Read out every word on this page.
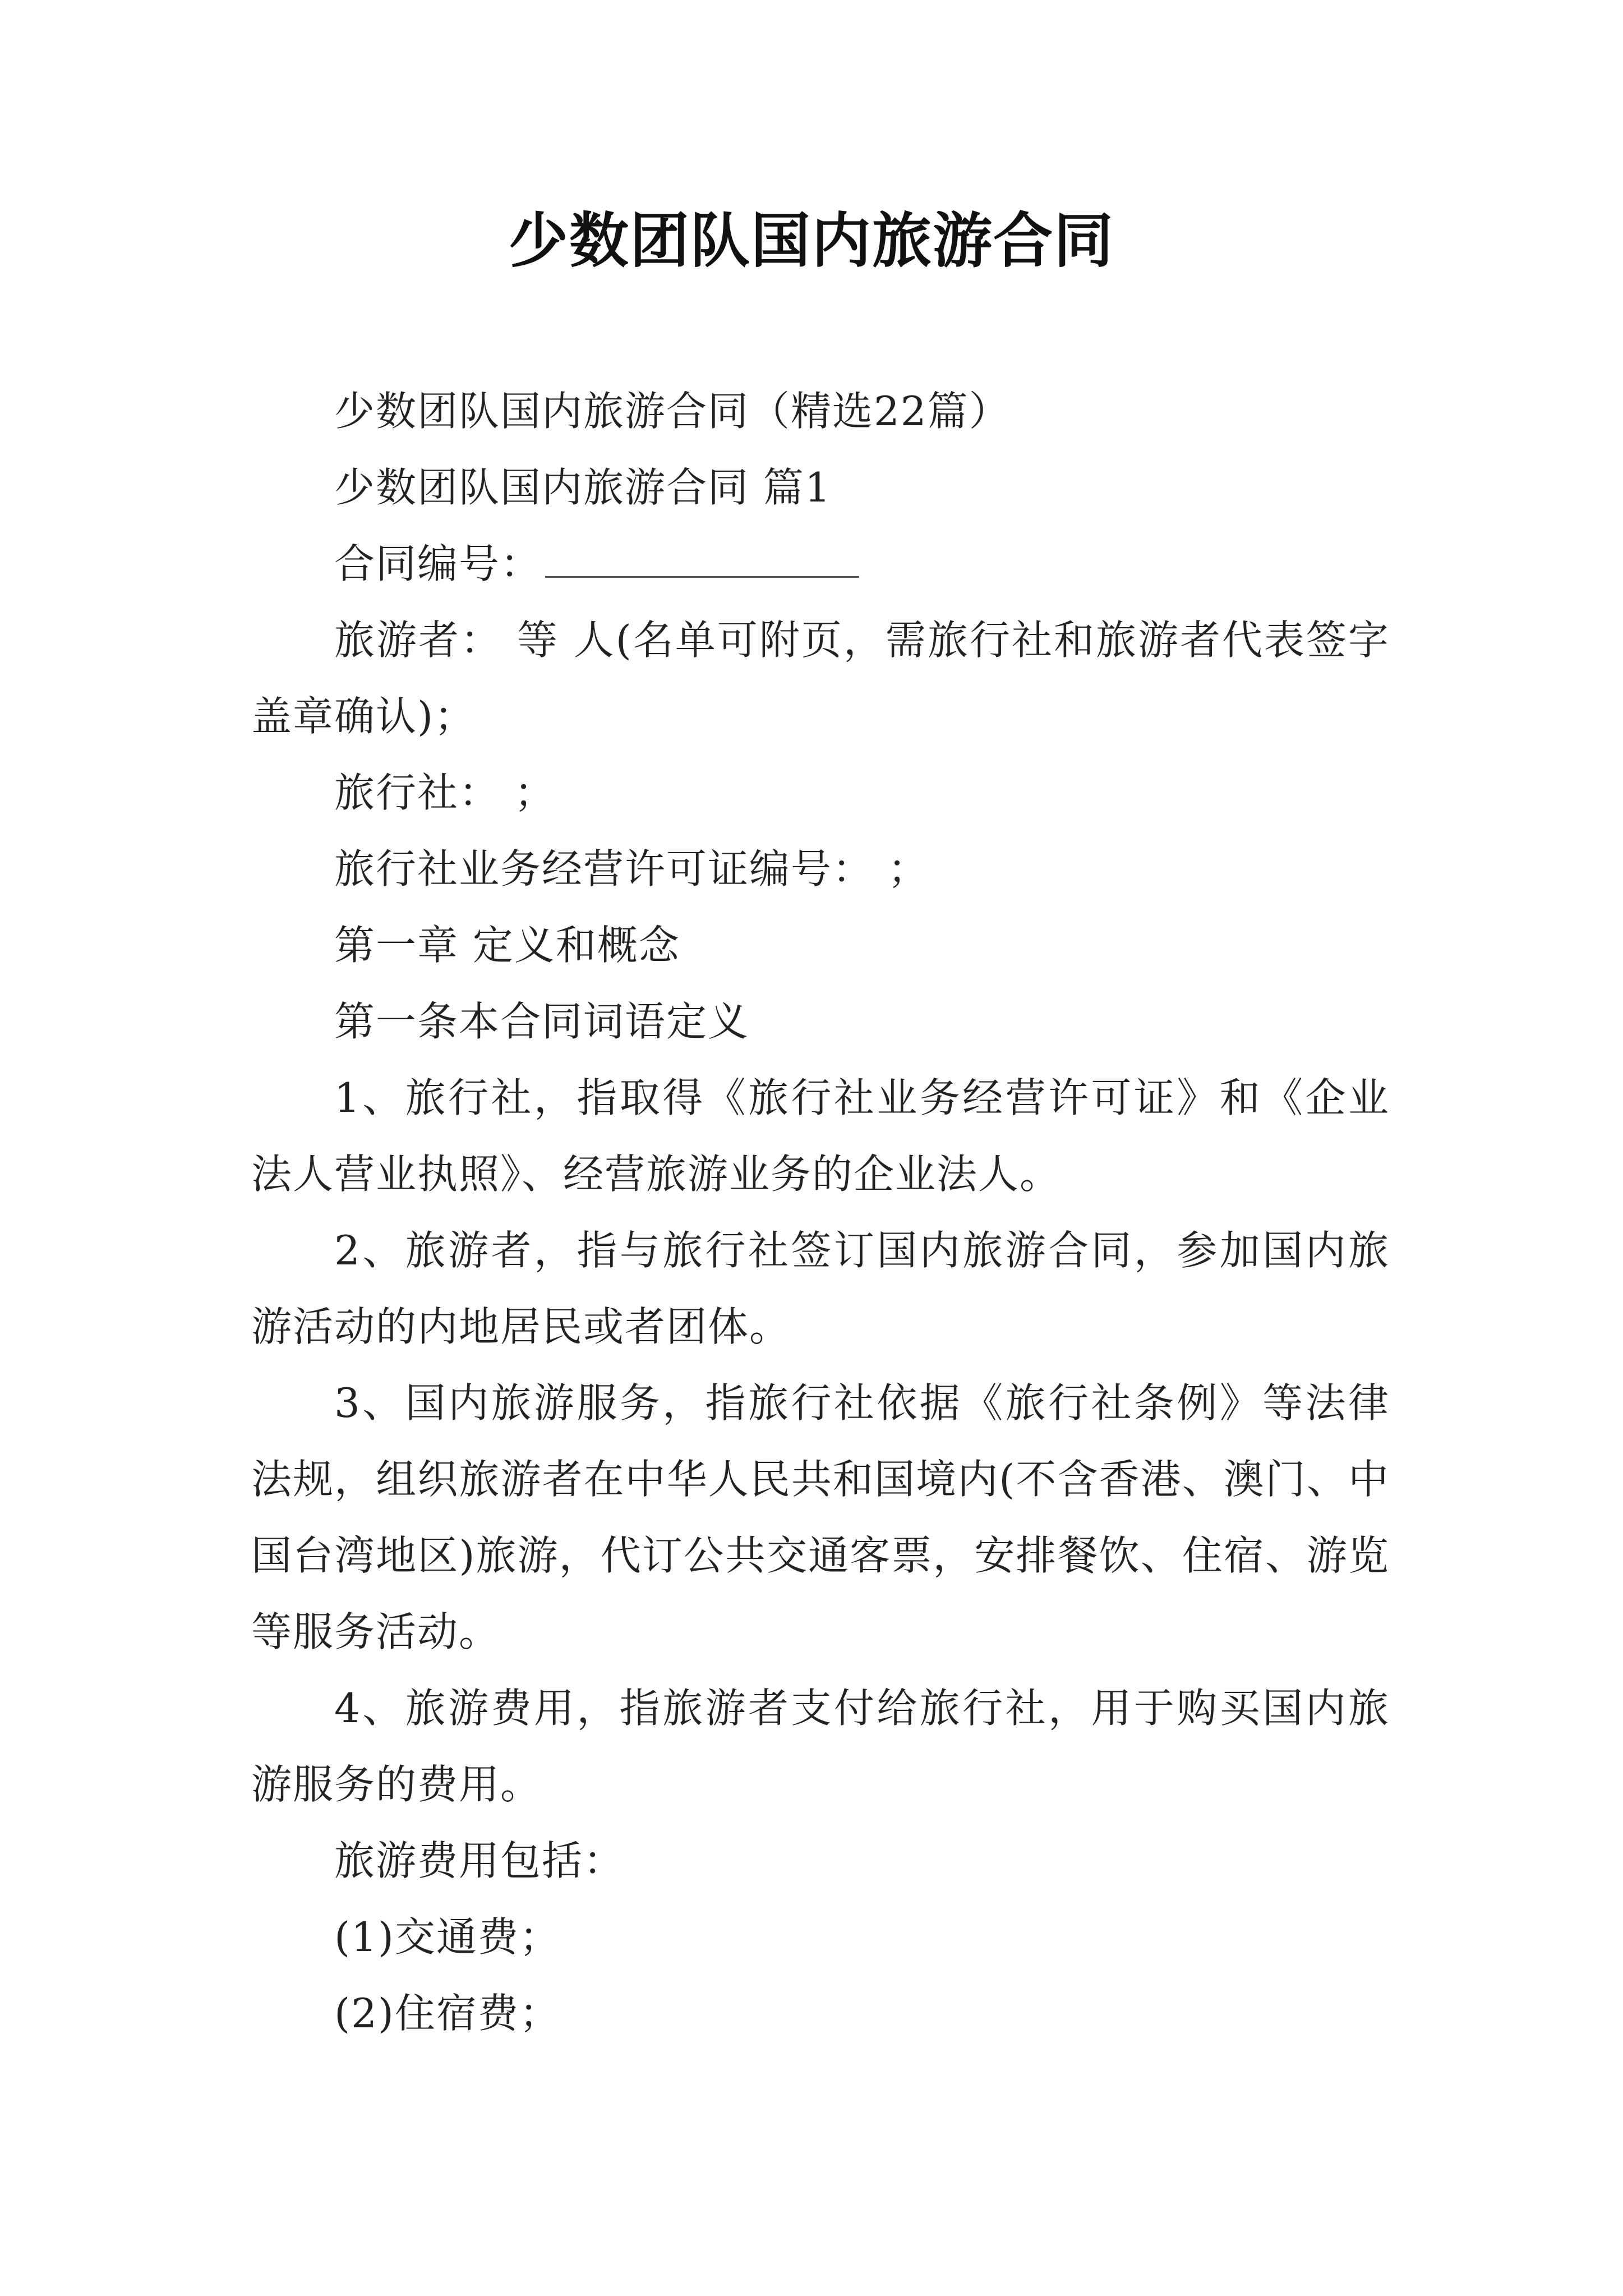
少数团队国内旅游合同

少数团队国内旅游合同（精选22篇）

少数团队国内旅游合同 篇1

合同编号：

旅游者： 等 人(名单可附页，需旅行社和旅游者代表签字盖章确认)；

旅行社： ；

旅行社业务经营许可证编号： ；

第一章 定义和概念

第一条本合同词语定义

1、旅行社，指取得《旅行社业务经营许可证》和《企业法人营业执照》、经营旅游业务的企业法人。

2、旅游者，指与旅行社签订国内旅游合同，参加国内旅游活动的内地居民或者团体。

3、国内旅游服务，指旅行社依据《旅行社条例》等法律法规，组织旅游者在中华人民共和国境内(不含香港、澳门、中国台湾地区)旅游，代订公共交通客票，安排餐饮、住宿、游览等服务活动。

4、旅游费用，指旅游者支付给旅行社，用于购买国内旅游服务的费用。

旅游费用包括：

(1)交通费；

(2)住宿费；
